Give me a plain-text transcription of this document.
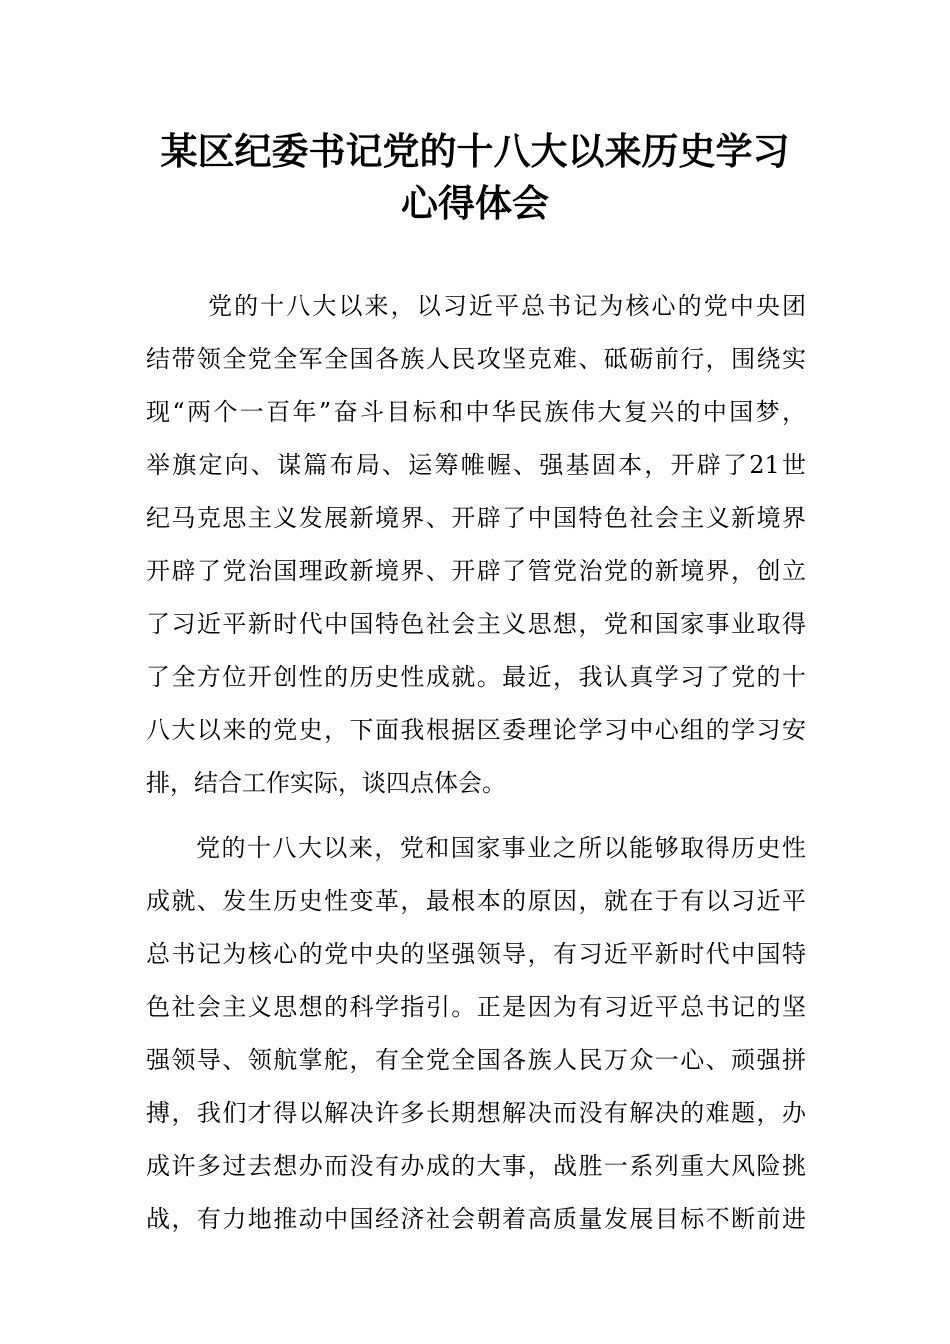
某区纪委书记党的十八大以来历史学习
心得体会
党的十八大以来，以习近平总书记为核心的党中央团
结带领全党全军全国各族人民攻坚克难、砥砺前行，围绕实
现“两个一百年”奋斗目标和中华民族伟大复兴的中国梦，
举旗定向、谋篇布局、运筹帷幄、强基固本，开辟了21世
纪马克思主义发展新境界、开辟了中国特色社会主义新境界
开辟了党治国理政新境界、开辟了管党治党的新境界，创立
了习近平新时代中国特色社会主义思想，党和国家事业取得
了全方位开创性的历史性成就。最近，我认真学习了党的十
八大以来的党史，下面我根据区委理论学习中心组的学习安
排，结合工作实际，谈四点体会。
党的十八大以来，党和国家事业之所以能够取得历史性
成就、发生历史性变革，最根本的原因，就在于有以习近平
总书记为核心的党中央的坚强领导，有习近平新时代中国特
色社会主义思想的科学指引。正是因为有习近平总书记的坚
强领导、领航掌舵，有全党全国各族人民万众一心、顽强拼
搏，我们才得以解决许多长期想解决而没有解决的难题，办
成许多过去想办而没有办成的大事，战胜一系列重大风险挑
战，有力地推动中国经济社会朝着高质量发展目标不断前进
